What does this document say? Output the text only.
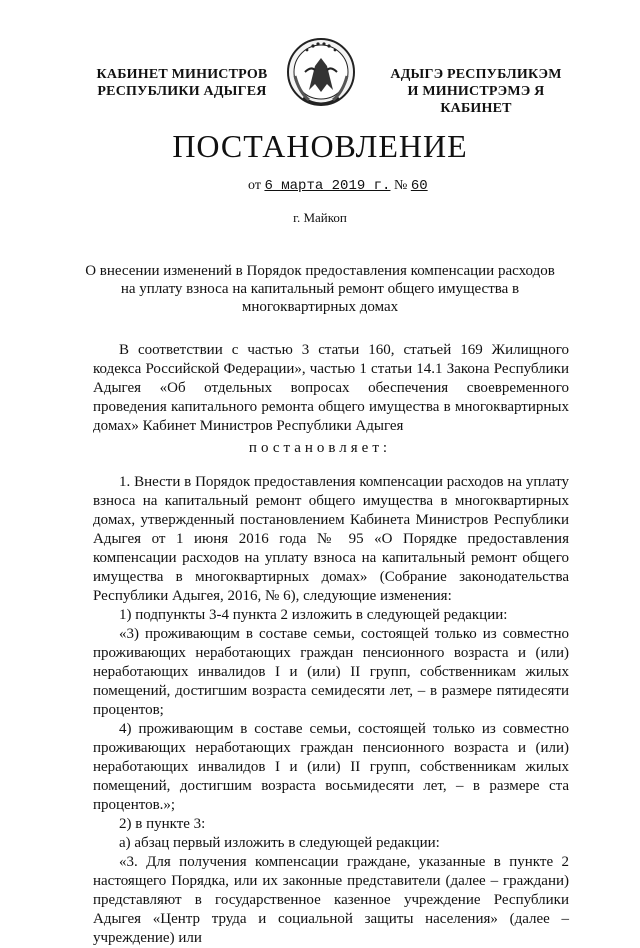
КАБИНЕТ МИНИСТРОВ
РЕСПУБЛИКИ АДЫГЕЯ
АДЫГЭ РЕСПУБЛИКЭМ
И МИНИСТРЭМЭ Я КАБИНЕТ
ПОСТАНОВЛЕНИЕ
от 6 марта 2019 г. № 60
г. Майкоп
О внесении изменений в Порядок предоставления компенсации расходов на уплату взноса на капитальный ремонт общего имущества в многоквартирных домах

В соответствии с частью 3 статьи 160, статьей 169 Жилищного кодекса Российской Федерации», частью 1 статьи 14.1 Закона Республики Адыгея «Об отдельных вопросах обеспечения своевременного проведения капитального ремонта общего имущества в многоквартирных домах» Кабинет Министров Республики Адыгея

постановляет:

1. Внести в Порядок предоставления компенсации расходов на уплату взноса на капитальный ремонт общего имущества в многоквартирных домах, утвержденный постановлением Кабинета Министров Республики Адыгея от 1 июня 2016 года № 95 «О Порядке предоставления компенсации расходов на уплату взноса на капитальный ремонт общего имущества в многоквартирных домах» (Собрание законодательства Республики Адыгея, 2016, № 6), следующие изменения:

1) подпункты 3-4 пункта 2 изложить в следующей редакции:

«3) проживающим в составе семьи, состоящей только из совместно проживающих неработающих граждан пенсионного возраста и (или) неработающих инвалидов I и (или) II групп, собственникам жилых помещений, достигшим возраста семидесяти лет, – в размере пятидесяти процентов;

4) проживающим в составе семьи, состоящей только из совместно проживающих неработающих граждан пенсионного возраста и (или) неработающих инвалидов I и (или) II групп, собственникам жилых помещений, достигшим возраста восьмидесяти лет, – в размере ста процентов.»;

2) в пункте 3:

а) абзац первый изложить в следующей редакции:

«3. Для получения компенсации граждане, указанные в пункте 2 настоящего Порядка, или их законные представители (далее – граждани) представляют в государственное казенное учреждение Республики Адыгея «Центр труда и социальной защиты населения» (далее – учреждение) или
